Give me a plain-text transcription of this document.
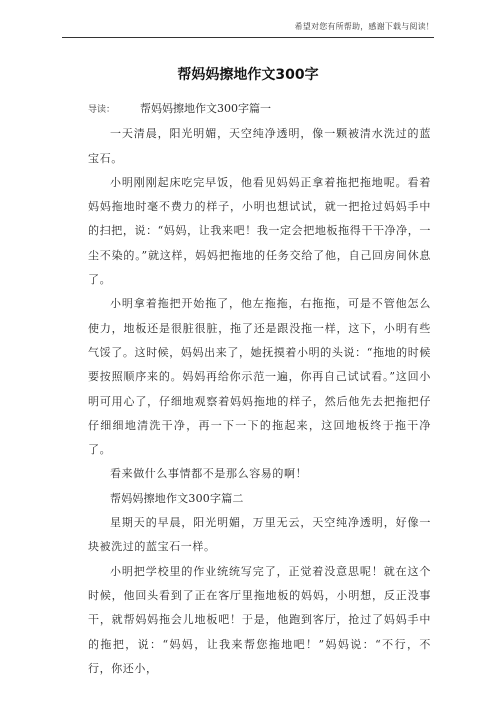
希望对您有所帮助，感谢下载与阅读！
帮妈妈擦地作文300字

导读： 帮妈妈擦地作文300字篇一

一天清晨，阳光明媚，天空纯净透明，像一颗被清水洗过的蓝宝石。

小明刚刚起床吃完早饭，他看见妈妈正拿着拖把拖地呢。看着妈妈拖地时毫不费力的样子，小明也想试试，就一把抢过妈妈手中的扫把，说：“妈妈，让我来吧！我一定会把地板拖得干干净净，一尘不染的。”就这样，妈妈把拖地的任务交给了他，自己回房间休息了。

小明拿着拖把开始拖了，他左拖拖，右拖拖，可是不管他怎么使力，地板还是很脏很脏，拖了还是跟没拖一样，这下，小明有些气馁了。这时候，妈妈出来了，她抚摸着小明的头说：“拖地的时候要按照顺序来的。妈妈再给你示范一遍，你再自己试试看。”这回小明可用心了，仔细地观察着妈妈拖地的样子，然后他先去把拖把仔仔细细地清洗干净，再一下一下的拖起来，这回地板终于拖干净了。

看来做什么事情都不是那么容易的啊！

帮妈妈擦地作文300字篇二

星期天的早晨，阳光明媚，万里无云，天空纯净透明，好像一块被洗过的蓝宝石一样。

小明把学校里的作业统统写完了，正觉着没意思呢！就在这个时候，他回头看到了正在客厅里拖地板的妈妈，小明想，反正没事干，就帮妈妈拖会儿地板吧！于是，他跑到客厅，抢过了妈妈手中的拖把，说：“妈妈，让我来帮您拖地吧！”妈妈说：“不行，不行，你还小，
